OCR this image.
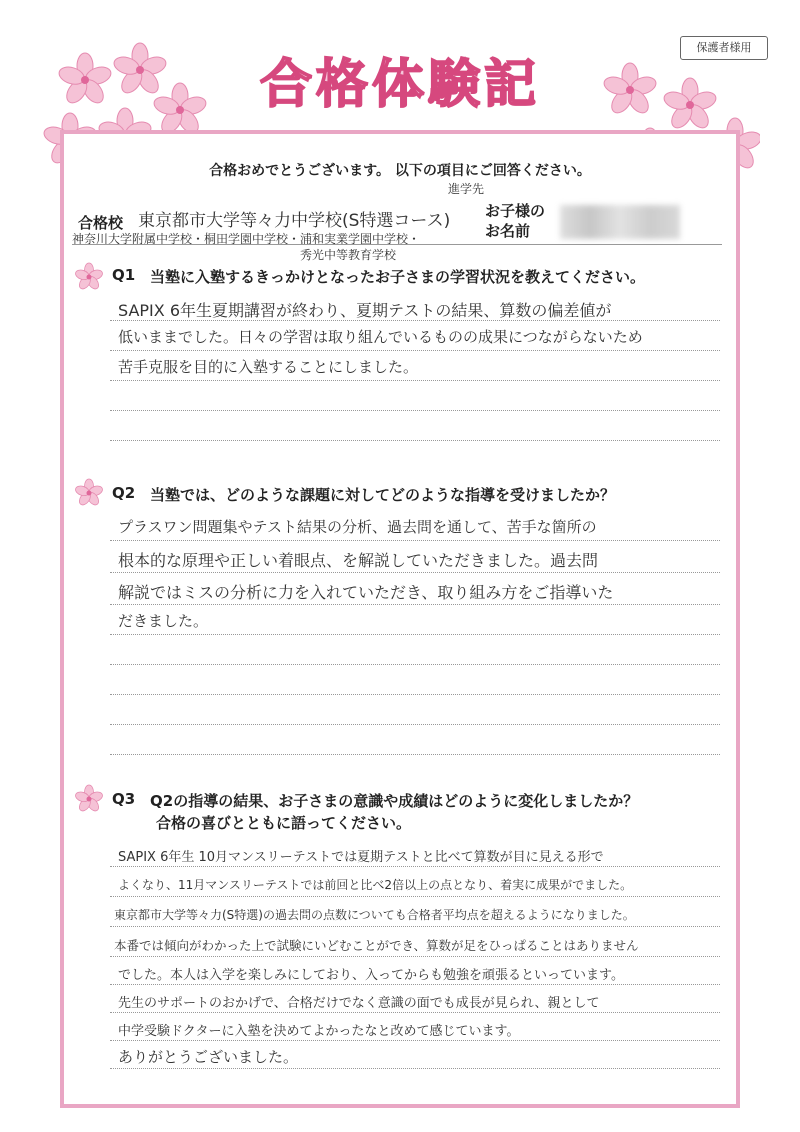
保護者様用
合格体験記
合格おめでとうございます。 以下の項目にご回答ください。
合格校
進学先
東京都市大学等々力中学校(S特選コース)
神奈川大学附属中学校・桐田学園中学校・浦和実業学園中学校・
秀光中等教育学校
お子様の
お名前
Q1 当塾に入塾するきっかけとなったお子さまの学習状況を教えてください。
SAPIX 6年生夏期講習が終わり、夏期テストの結果、算数の偏差値が
低いままでした。日々の学習は取り組んでいるものの成果につながらないため
苦手克服を目的に入塾することにしました。
Q2 当塾では、どのような課題に対してどのような指導を受けましたか？
プラスワン問題集やテスト結果の分析、過去問を通して、苦手な箇所の
根本的な原理や正しい着眼点、を解説していただきました。過去問
解説ではミスの分析に力を入れていただき、取り組み方をご指導いた
だきました。
Q3 Q2の指導の結果、お子さまの意識や成績はどのように変化しましたか？
合格の喜びとともに語ってください。
SAPIX 6年生 10月マンスリーテストでは夏期テストと比べて算数が目に見える形で
よくなり、11月マンスリーテストでは前回と比べ2倍以上の点となり、着実に成果がでました。
東京都市大学等々力(S特選)の過去問の点数についても合格者平均点を超えるようになりました。
本番では傾向がわかった上で試験にいどむことができ、算数が足をひっぱることはありません
でした。本人は入学を楽しみにしており、入ってからも勉強を頑張るといっています。
先生のサポートのおかげで、合格だけでなく意識の面でも成長が見られ、親として
中学受験ドクターに入塾を決めてよかったなと改めて感じています。
ありがとうございました。
